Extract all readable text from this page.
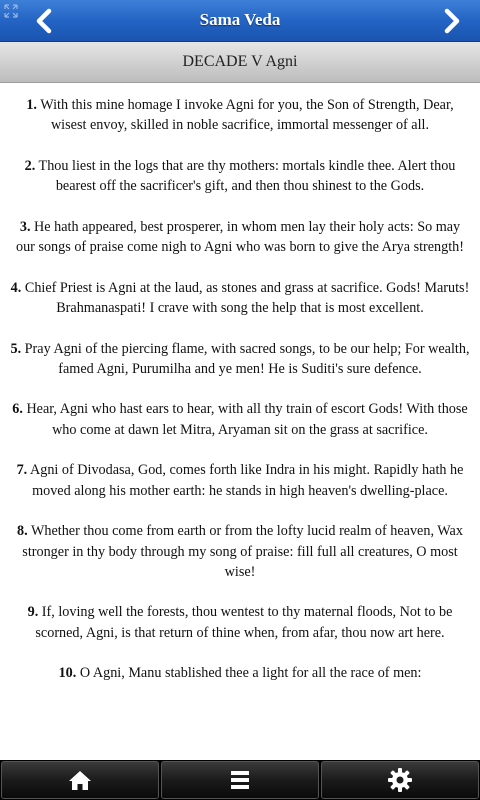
Sama Veda
DECADE V Agni

1. With this mine homage I invoke Agni for you, the Son of Strength, Dear, wisest envoy, skilled in noble sacrifice, immortal messenger of all.

2. Thou liest in the logs that are thy mothers: mortals kindle thee. Alert thou bearest off the sacrificer's gift, and then thou shinest to the Gods.

3. He hath appeared, best prosperer, in whom men lay their holy acts: So may our songs of praise come nigh to Agni who was born to give the Arya strength!

4. Chief Priest is Agni at the laud, as stones and grass at sacrifice. Gods! Maruts! Brahmanaspati! I crave with song the help that is most excellent.

5. Pray Agni of the piercing flame, with sacred songs, to be our help; For wealth, famed Agni, Purumilha and ye men! He is Suditi's sure defence.

6. Hear, Agni who hast ears to hear, with all thy train of escort Gods! With those who come at dawn let Mitra, Aryaman sit on the grass at sacrifice.

7. Agni of Divodasa, God, comes forth like Indra in his might. Rapidly hath he moved along his mother earth: he stands in high heaven's dwelling-place.

8. Whether thou come from earth or from the lofty lucid realm of heaven, Wax stronger in thy body through my song of praise: fill full all creatures, O most wise!

9. If, loving well the forests, thou wentest to thy maternal floods, Not to be scorned, Agni, is that return of thine when, from afar, thou now art here.

10. O Agni, Manu stablished thee a light for all the race of men:
